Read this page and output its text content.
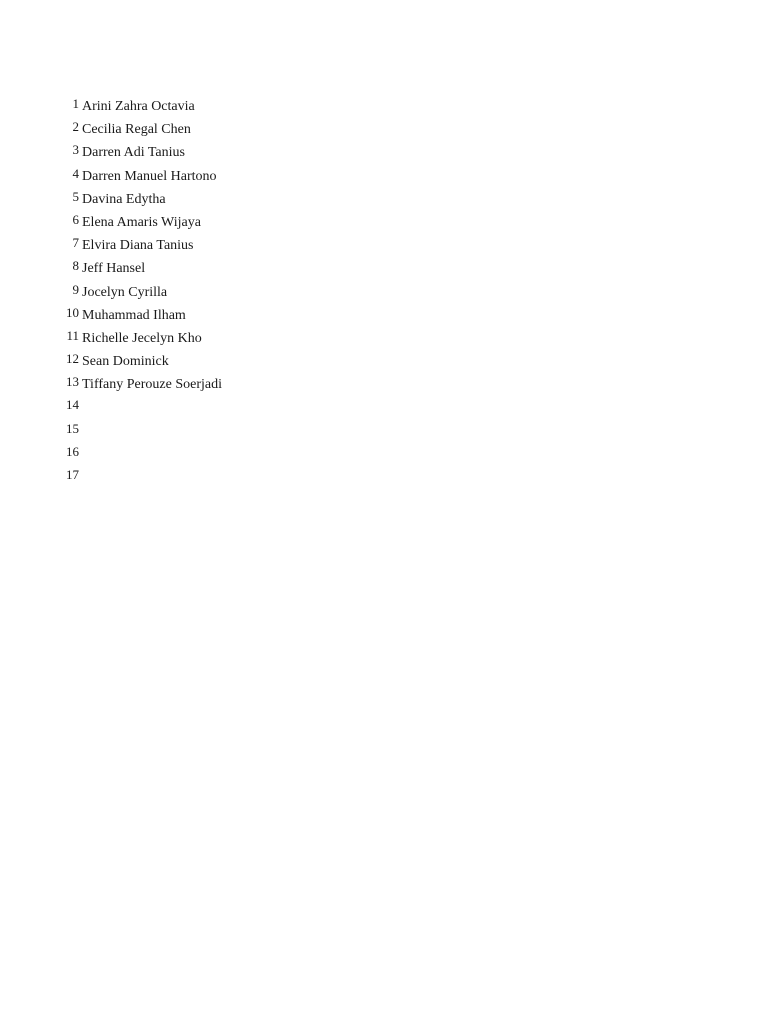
1 Arini Zahra Octavia
2 Cecilia Regal Chen
3 Darren Adi Tanius
4 Darren Manuel Hartono
5 Davina Edytha
6 Elena Amaris Wijaya
7 Elvira Diana Tanius
8 Jeff Hansel
9 Jocelyn Cyrilla
10 Muhammad Ilham
11 Richelle Jecelyn Kho
12 Sean Dominick
13 Tiffany Perouze Soerjadi
14
15
16
17
